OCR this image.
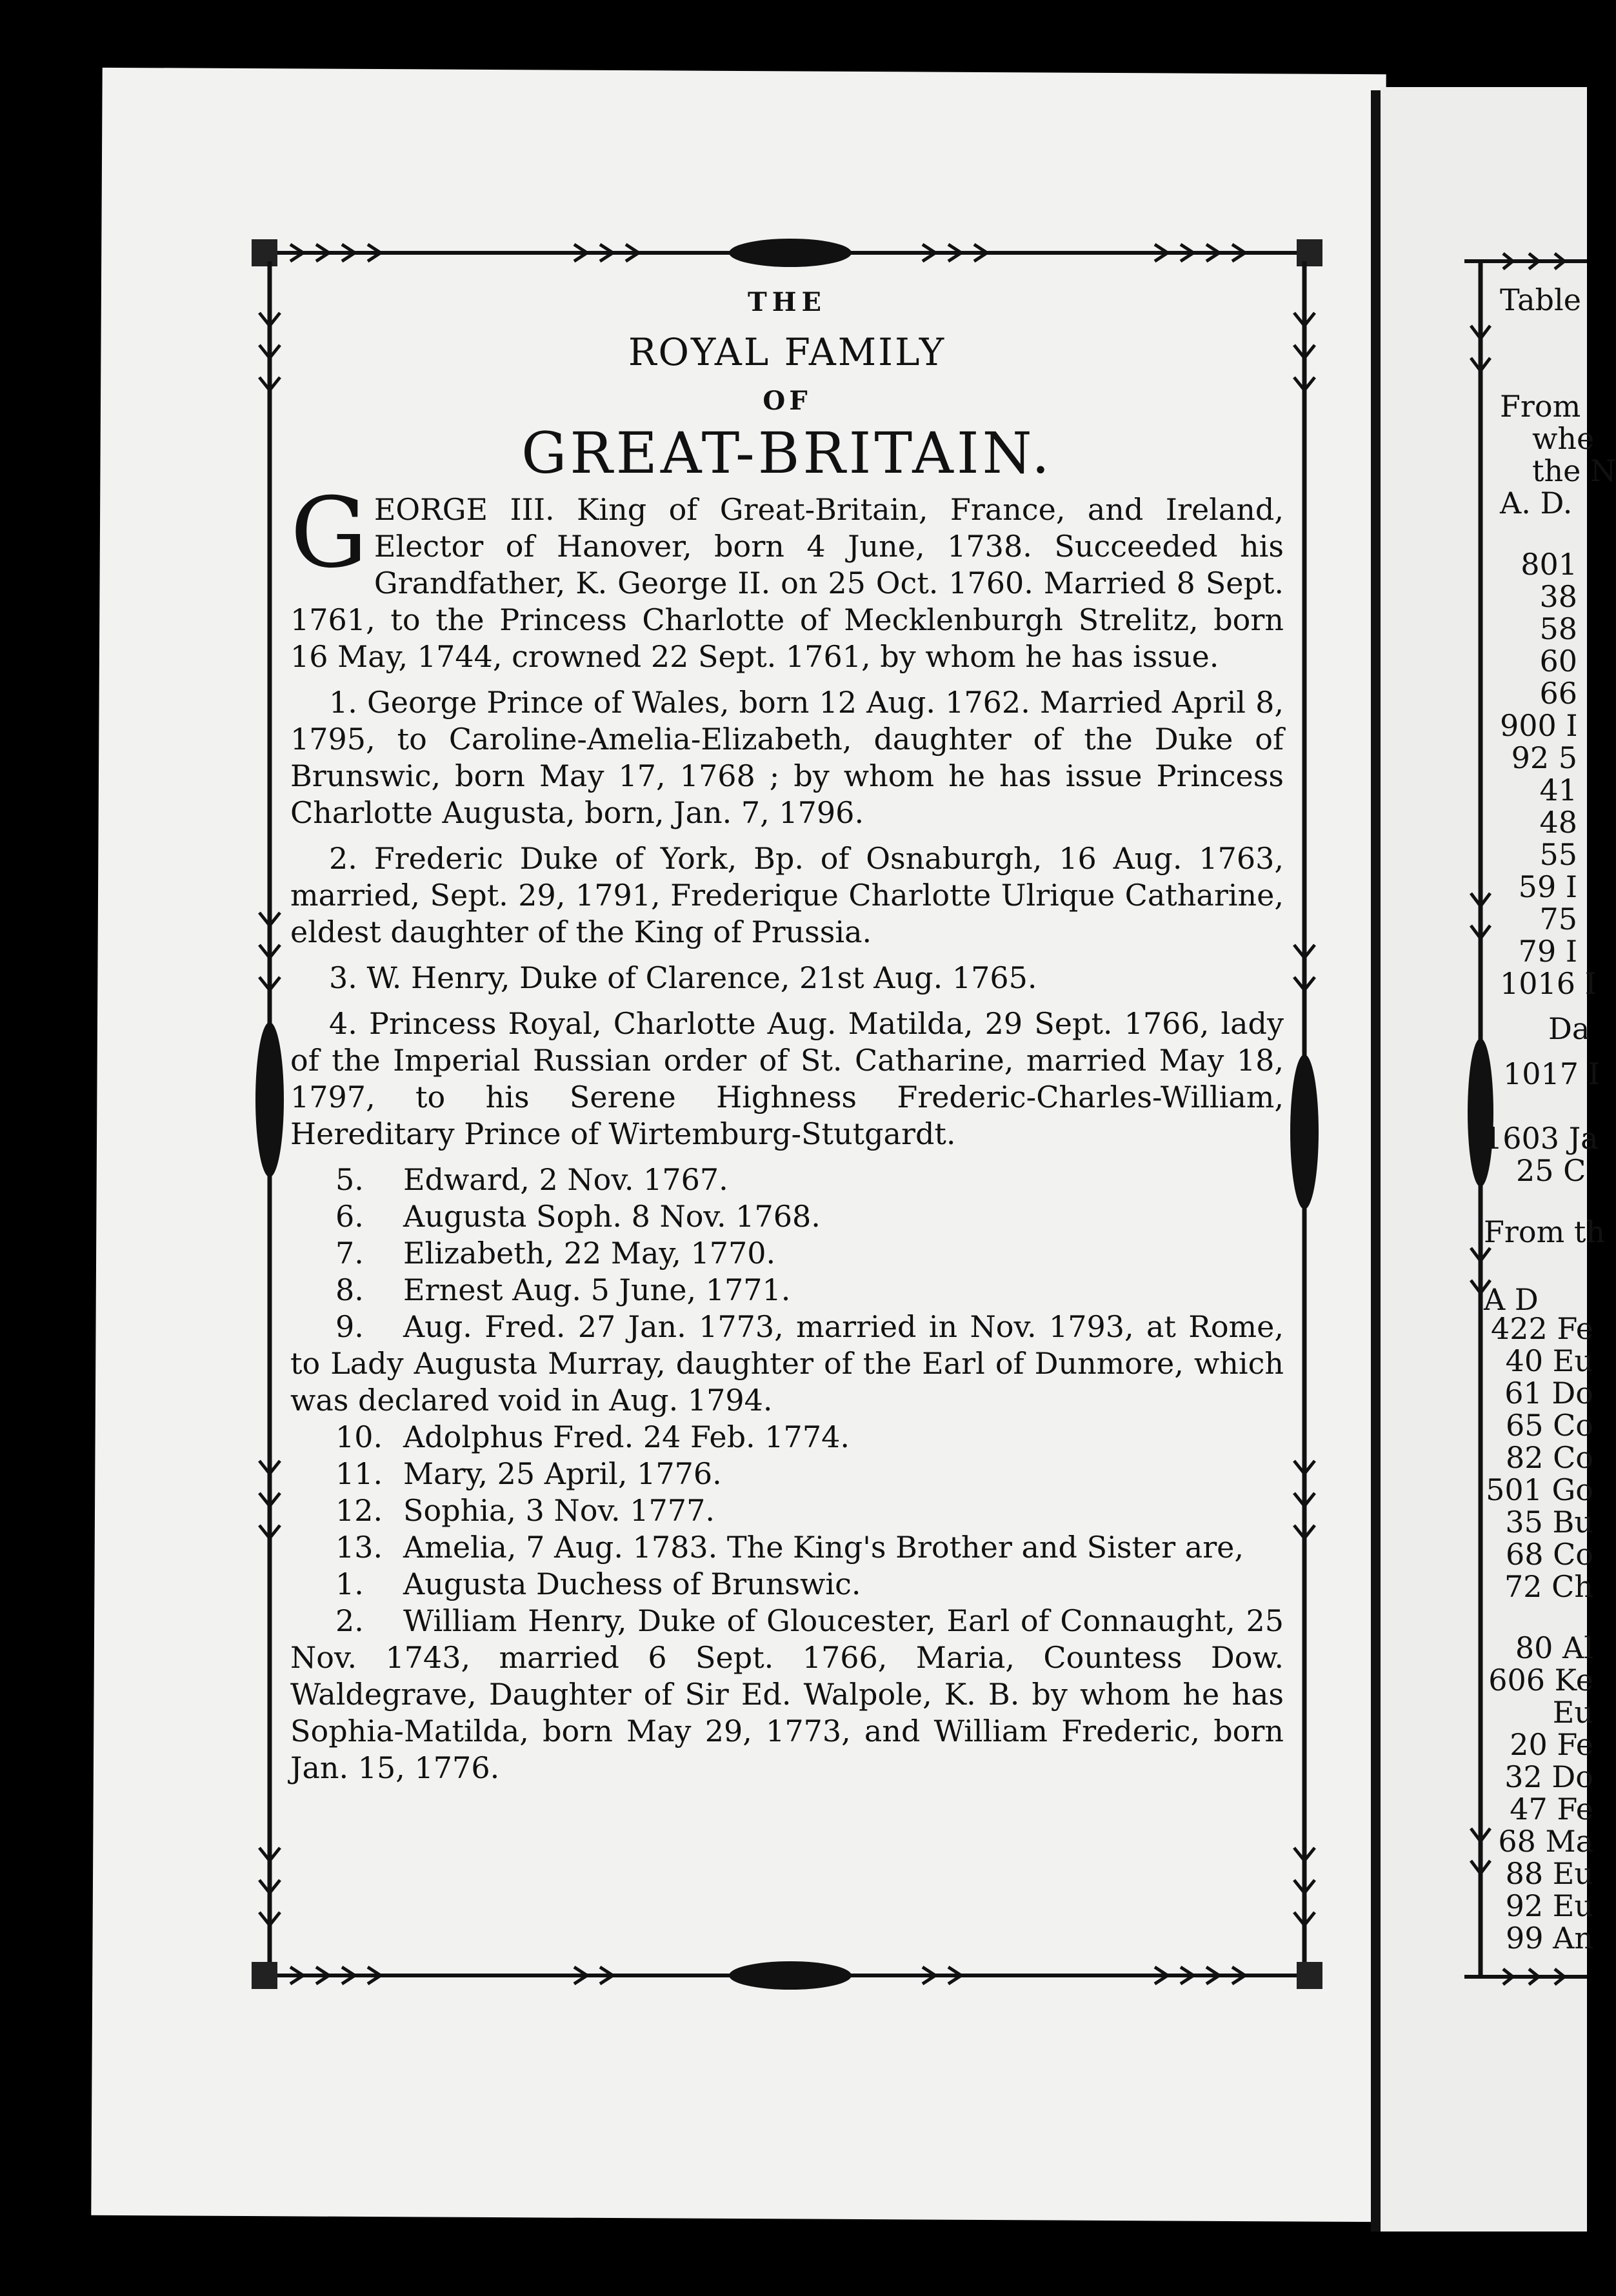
THE
ROYAL FAMILY
OF
GREAT-BRITAIN.

GEORGE III. King of Great-Britain, France, and Ireland, Elector of Hanover, born 4 June, 1738. Succeeded his Grandfather, K. George II. on 25 Oct. 1760. Married 8 Sept. 1761, to the Princess Charlotte of Mecklenburgh Strelitz, born 16 May, 1744, crowned 22 Sept. 1761, by whom he has issue.

1. George Prince of Wales, born 12 Aug. 1762. Married April 8, 1795, to Caroline-Amelia-Elizabeth, daughter of the Duke of Brunswic, born May 17, 1768 ; by whom he has issue Princess Charlotte Augusta, born, Jan. 7, 1796.

2. Frederic Duke of York, Bp. of Osnaburgh, 16 Aug. 1763, married, Sept. 29, 1791, Frederique Charlotte Ulrique Catharine, eldest daughter of the King of Prussia.

3. W. Henry, Duke of Clarence, 21st Aug. 1765.

4. Princess Royal, Charlotte Aug. Matilda, 29 Sept. 1766, lady of the Imperial Russian order of St. Catharine, married May 18, 1797, to his Serene Highness Frederic-Charles-William, Hereditary Prince of Wirtemburg-Stutgardt.

5. Edward, 2 Nov. 1767.

6. Augusta Soph. 8 Nov. 1768.

7. Elizabeth, 22 May, 1770.

8. Ernest Aug. 5 June, 1771.

9. Aug. Fred. 27 Jan. 1773, married in Nov. 1793, at Rome, to Lady Augusta Murray, daughter of the Earl of Dunmore, which was declared void in Aug. 1794.

10. Adolphus Fred. 24 Feb. 1774.

11. Mary, 25 April, 1776.

12. Sophia, 3 Nov. 1777.

13. Amelia, 7 Aug. 1783. The King's Brother and Sister are,

1. Augusta Duchess of Brunswic.

2. William Henry, Duke of Gloucester, Earl of Connaught, 25 Nov. 1743, married 6 Sept. 1766, Maria, Countess Dow. Waldegrave, Daughter of Sir Ed. Walpole, K. B. by whom he has Sophia-Matilda, born May 29, 1773, and William Frederic, born Jan. 15, 1776.

Table
From
whe
the N
A. D.
801
38
58
60
66
900 I
92 5
41
48
55
59 I
75
79 I
1016 I
Da
1017 I
1603 Ja
25 C
From th
A D
422 Fe
40 Eu
61 Do
65 Co
82 Co
501 Go
35 Bu
68 Co
72 Ch
80 Al
606 Ke
Eu
20 Fe
32 Do
47 Fe
68 Ma
88 Eu
92 Eu
99 An
